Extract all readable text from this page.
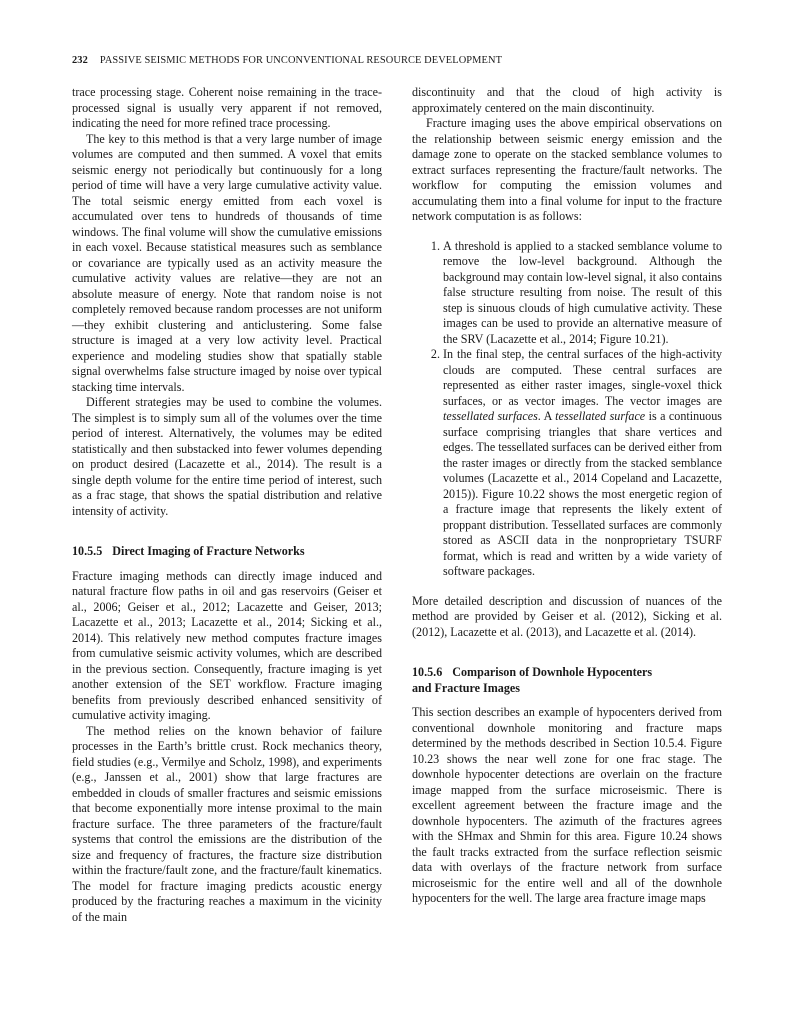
232 PASSIVE SEISMIC METHODS FOR UNCONVENTIONAL RESOURCE DEVELOPMENT

trace processing stage. Coherent noise remaining in the trace-processed signal is usually very apparent if not removed, indicating the need for more refined trace processing.

The key to this method is that a very large number of image volumes are computed and then summed. A voxel that emits seismic energy not periodically but continuously for a long period of time will have a very large cumulative activity value. The total seismic energy emitted from each voxel is accumulated over tens to hundreds of thousands of time windows. The final volume will show the cumulative emissions in each voxel. Because statistical measures such as semblance or covariance are typically used as an activity measure the cumulative activity values are relative—they are not an absolute measure of energy. Note that random noise is not completely removed because random processes are not uniform—they exhibit clustering and anticlustering. Some false structure is imaged at a very low activity level. Practical experience and modeling studies show that spatially stable signal overwhelms false structure imaged by noise over typical stacking time intervals.

Different strategies may be used to combine the volumes. The simplest is to simply sum all of the volumes over the time period of interest. Alternatively, the volumes may be edited statistically and then substacked into fewer volumes depending on product desired (Lacazette et al., 2014). The result is a single depth volume for the entire time period of interest, such as a frac stage, that shows the spatial distribution and relative intensity of activity.

10.5.5 Direct Imaging of Fracture Networks

Fracture imaging methods can directly image induced and natural fracture flow paths in oil and gas reservoirs (Geiser et al., 2006; Geiser et al., 2012; Lacazette and Geiser, 2013; Lacazette et al., 2013; Lacazette et al., 2014; Sicking et al., 2014). This relatively new method computes fracture images from cumulative seismic activity volumes, which are described in the previous section. Consequently, fracture imaging is yet another extension of the SET workflow. Fracture imaging benefits from previously described enhanced sensitivity of cumulative activity imaging.

The method relies on the known behavior of failure processes in the Earth’s brittle crust. Rock mechanics theory, field studies (e.g., Vermilye and Scholz, 1998), and experiments (e.g., Janssen et al., 2001) show that large fractures are embedded in clouds of smaller fractures and seismic emissions that become exponentially more intense proximal to the main fracture surface. The three parameters of the fracture/fault systems that control the emissions are the distribution of the size and frequency of fractures, the fracture size distribution within the fracture/fault zone, and the fracture/fault kinematics. The model for fracture imaging predicts acoustic energy produced by the fracturing reaches a maximum in the vicinity of the main

discontinuity and that the cloud of high activity is approximately centered on the main discontinuity.

Fracture imaging uses the above empirical observations on the relationship between seismic energy emission and the damage zone to operate on the stacked semblance volumes to extract surfaces representing the fracture/fault networks. The workflow for computing the emission volumes and accumulating them into a final volume for input to the fracture network computation is as follows:

1. A threshold is applied to a stacked semblance volume to remove the low-level background. Although the background may contain low-level signal, it also contains false structure resulting from noise. The result of this step is sinuous clouds of high cumulative activity. These images can be used to provide an alternative measure of the SRV (Lacazette et al., 2014; Figure 10.21).
2. In the final step, the central surfaces of the high-activity clouds are computed. These central surfaces are represented as either raster images, single-voxel thick surfaces, or as vector images. The vector images are tessellated surfaces. A tessellated surface is a continuous surface comprising triangles that share vertices and edges. The tessellated surfaces can be derived either from the raster images or directly from the stacked semblance volumes (Lacazette et al., 2014 Copeland and Lacazette, 2015)). Figure 10.22 shows the most energetic region of a fracture image that represents the likely extent of proppant distribution. Tessellated surfaces are commonly stored as ASCII data in the nonproprietary TSURF format, which is read and written by a wide variety of software packages.

More detailed description and discussion of nuances of the method are provided by Geiser et al. (2012), Sicking et al. (2012), Lacazette et al. (2013), and Lacazette et al. (2014).

10.5.6 Comparison of Downhole Hypocenters
and Fracture Images

This section describes an example of hypocenters derived from conventional downhole monitoring and fracture maps determined by the methods described in Section 10.5.4. Figure 10.23 shows the near well zone for one frac stage. The downhole hypocenter detections are overlain on the fracture image mapped from the surface microseismic. There is excellent agreement between the fracture image and the downhole hypocenters. The azimuth of the fractures agrees with the SHmax and Shmin for this area. Figure 10.24 shows the fault tracks extracted from the surface reflection seismic data with overlays of the fracture network from surface microseismic for the entire well and all of the downhole hypocenters for the well. The large area fracture image maps
